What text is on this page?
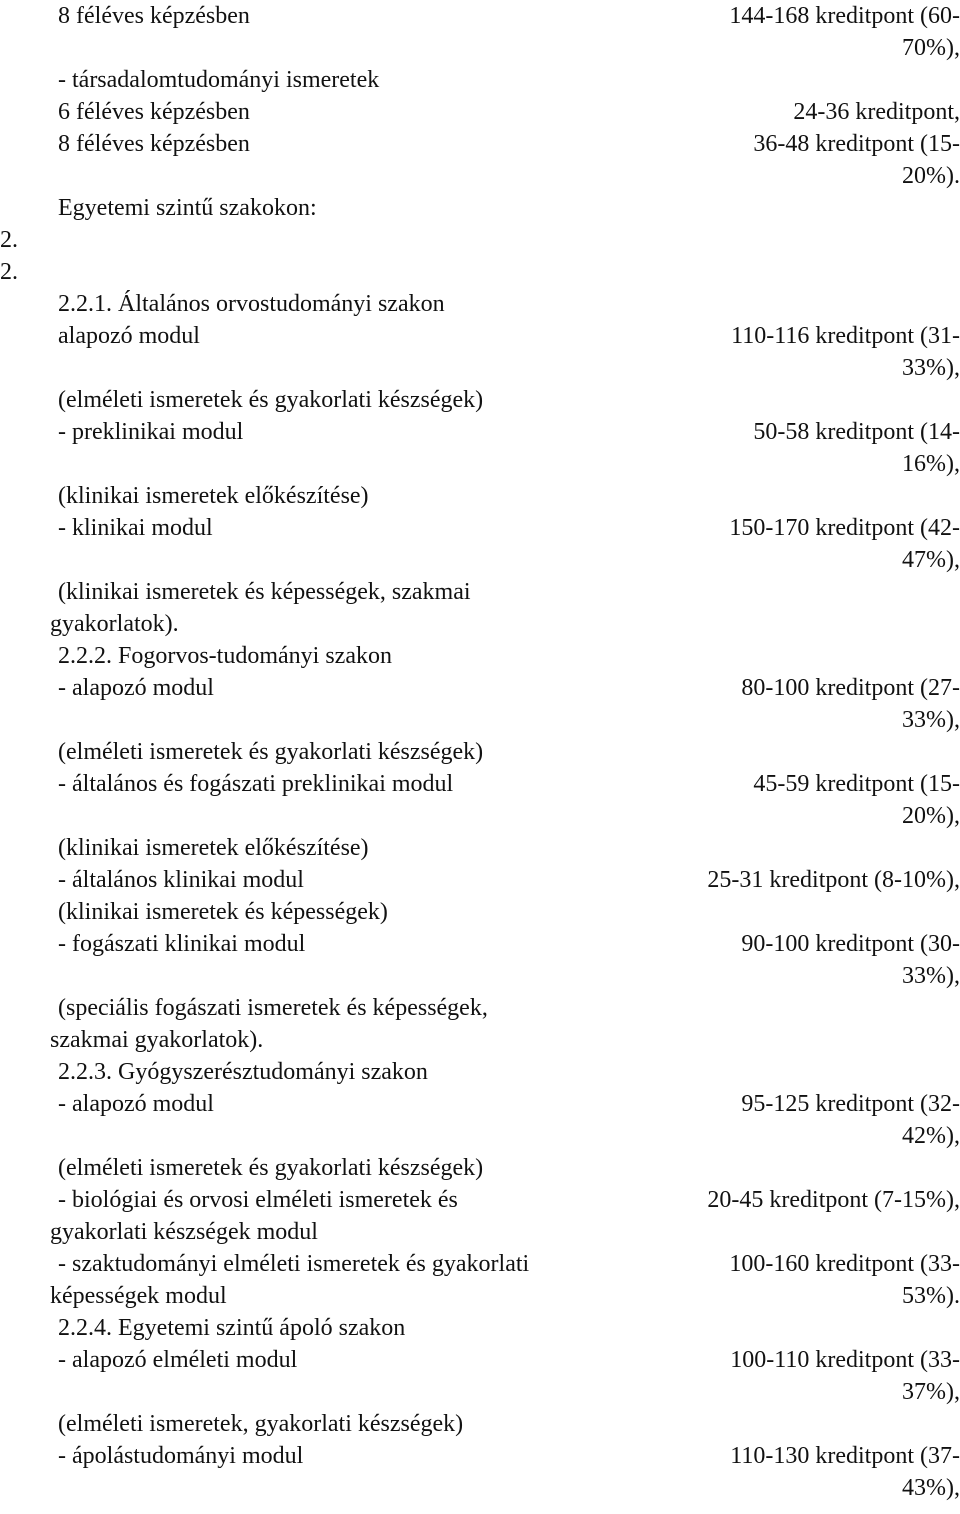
8 féléves képzésben
- társadalomtudományi ismeretek
6 féléves képzésben
8 féléves képzésben
Egyetemi szintű szakokon:
2.
2.
2.2.1. Általános orvostudományi szakon
alapozó modul
(elméleti ismeretek és gyakorlati készségek)
- preklinikai modul
(klinikai ismeretek előkészítése)
- klinikai modul
(klinikai ismeretek és képességek, szakmai
gyakorlatok).
2.2.2. Fogorvos-tudományi szakon
- alapozó modul
(elméleti ismeretek és gyakorlati készségek)
- általános és fogászati preklinikai modul
(klinikai ismeretek előkészítése)
- általános klinikai modul
(klinikai ismeretek és képességek)
- fogászati klinikai modul
(speciális fogászati ismeretek és képességek,
szakmai gyakorlatok).
2.2.3. Gyógyszerésztudományi szakon
- alapozó modul
(elméleti ismeretek és gyakorlati készségek)
- biológiai és orvosi elméleti ismeretek és
gyakorlati készségek modul
- szaktudományi elméleti ismeretek és gyakorlati
képességek modul
2.2.4. Egyetemi szintű ápoló szakon
- alapozó elméleti modul
(elméleti ismeretek, gyakorlati készségek)
- ápolástudományi modul
144-168 kreditpont (60-
70%),
24-36 kreditpont,
36-48 kreditpont (15-
20%).
110-116 kreditpont (31-
33%),
50-58 kreditpont (14-
16%),
150-170 kreditpont (42-
47%),
80-100 kreditpont (27-
33%),
45-59 kreditpont (15-
20%),
25-31 kreditpont (8-10%),
90-100 kreditpont (30-
33%),
95-125 kreditpont (32-
42%),
20-45 kreditpont (7-15%),
100-160 kreditpont (33-
53%).
100-110 kreditpont (33-
37%),
110-130 kreditpont (37-
43%),
